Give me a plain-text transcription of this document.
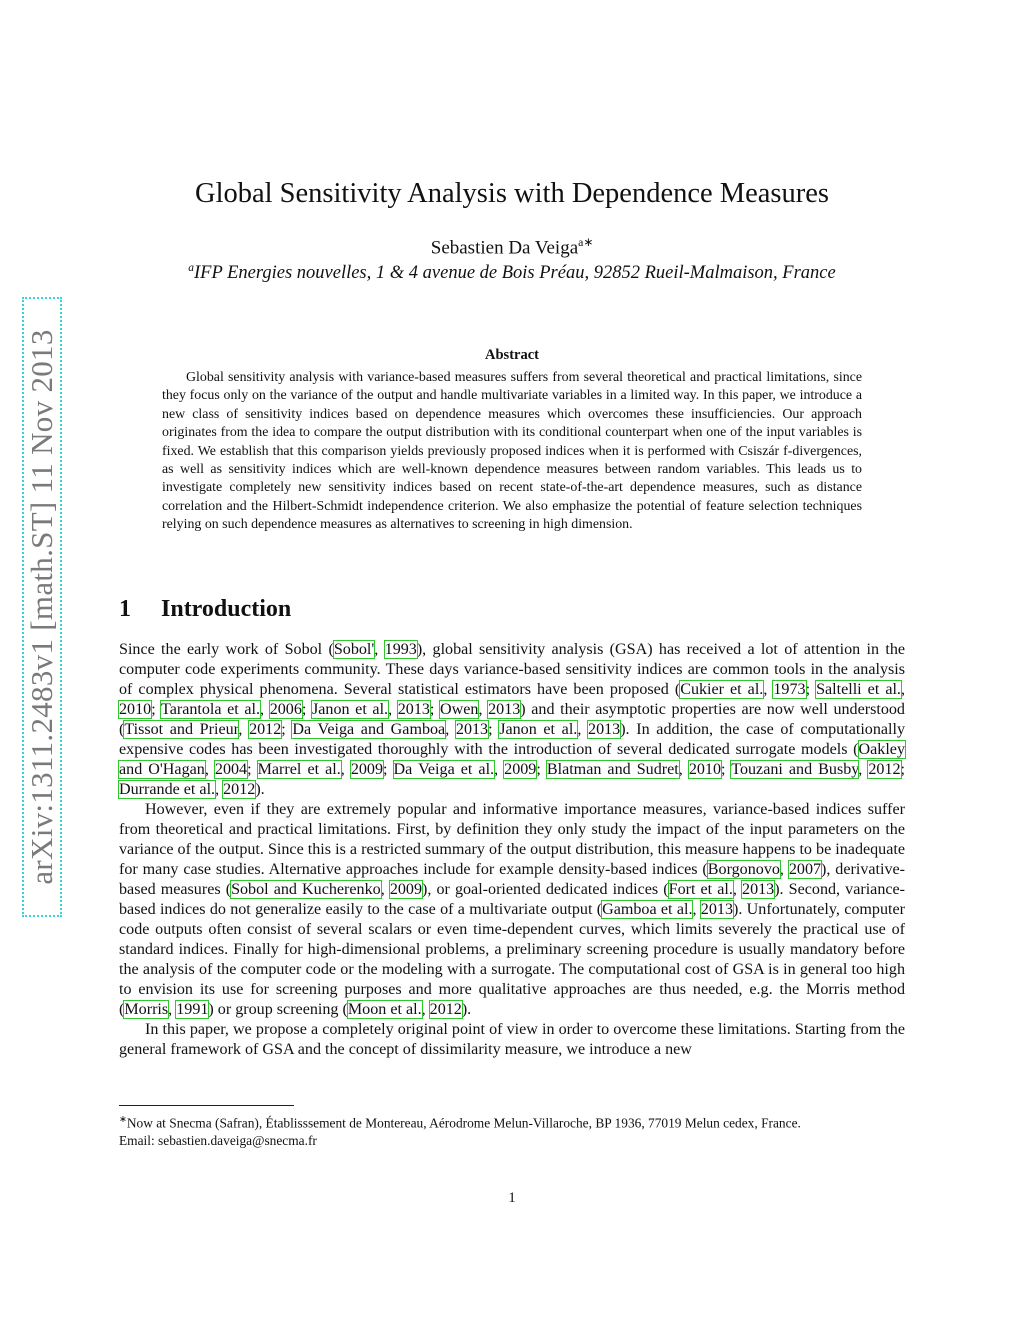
arXiv:1311.2483v1 [math.ST] 11 Nov 2013
Global Sensitivity Analysis with Dependence Measures
Sebastien Da Veiga$^{a∗}$
$^a$IFP Energies nouvelles, 1 & 4 avenue de Bois Préau, 92852 Rueil-Malmaison, France
Abstract

Global sensitivity analysis with variance-based measures suffers from several theoretical and practical limitations, since they focus only on the variance of the output and handle multivariate variables in a limited way. In this paper, we introduce a new class of sensitivity indices based on dependence measures which overcomes these insufficiencies. Our approach originates from the idea to compare the output distribution with its conditional counterpart when one of the input variables is fixed. We establish that this comparison yields previously proposed indices when it is performed with Csiszár f-divergences, as well as sensitivity indices which are well-known dependence measures between random variables. This leads us to investigate completely new sensitivity indices based on recent state-of-the-art dependence measures, such as distance correlation and the Hilbert-Schmidt independence criterion. We also emphasize the potential of feature selection techniques relying on such dependence measures as alternatives to screening in high dimension.

1 Introduction

Since the early work of Sobol (Sobol', 1993), global sensitivity analysis (GSA) has received a lot of attention in the computer code experiments community. These days variance-based sensitivity indices are common tools in the analysis of complex physical phenomena. Several statistical estimators have been proposed (Cukier et al., 1973; Saltelli et al., 2010; Tarantola et al., 2006; Janon et al., 2013; Owen, 2013) and their asymptotic properties are now well understood (Tissot and Prieur, 2012; Da Veiga and Gamboa, 2013; Janon et al., 2013). In addition, the case of computationally expensive codes has been investigated thoroughly with the introduction of several dedicated surrogate models (Oakley and O'Hagan, 2004; Marrel et al., 2009; Da Veiga et al., 2009; Blatman and Sudret, 2010; Touzani and Busby, 2012; Durrande et al., 2012).

However, even if they are extremely popular and informative importance measures, variance-based indices suffer from theoretical and practical limitations. First, by definition they only study the impact of the input parameters on the variance of the output. Since this is a restricted summary of the output distribution, this measure happens to be inadequate for many case studies. Alternative approaches include for example density-based indices (Borgonovo, 2007), derivative-based measures (Sobol and Kucherenko, 2009), or goal-oriented dedicated indices (Fort et al., 2013). Second, variance-based indices do not generalize easily to the case of a multivariate output (Gamboa et al., 2013). Unfortunately, computer code outputs often consist of several scalars or even time-dependent curves, which limits severely the practical use of standard indices. Finally for high-dimensional problems, a preliminary screening procedure is usually mandatory before the analysis of the computer code or the modeling with a surrogate. The computational cost of GSA is in general too high to envision its use for screening purposes and more qualitative approaches are thus needed, e.g. the Morris method (Morris, 1991) or group screening (Moon et al., 2012).

In this paper, we propose a completely original point of view in order to overcome these limitations. Starting from the general framework of GSA and the concept of dissimilarity measure, we introduce a new

∗Now at Snecma (Safran), Établisssement de Montereau, Aérodrome Melun-Villaroche, BP 1936, 77019 Melun cedex, France.

Email: sebastien.daveiga@snecma.fr

1
